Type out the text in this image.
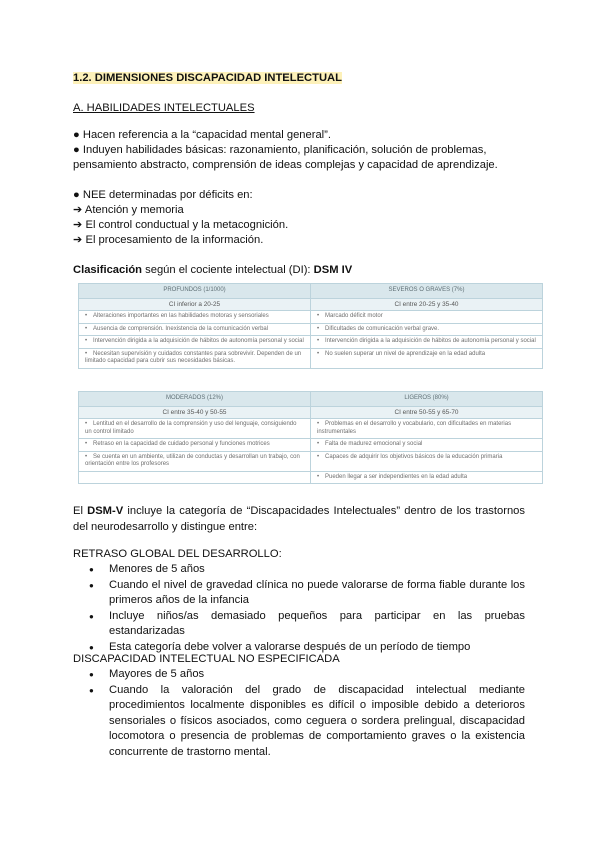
1.2. DIMENSIONES DISCAPACIDAD INTELECTUAL
A. HABILIDADES INTELECTUALES
● Hacen referencia a la “capacidad mental general”.
● Induyen habilidades básicas: razonamiento, planificación, solución de problemas, pensamiento abstracto, comprensión de ideas complejas y capacidad de aprendizaje.
● NEE determinadas por déficits en:
➔ Atención y memoria
➔ El control conductual y la metacognición.
➔ El procesamiento de la información.
Clasificación según el cociente intelectual (DI): DSM IV
PROFUNDOS (1/1000)	SEVEROS O GRAVES (7%)
CI inferior a 20-25	CI entre 20-25 y 35-40
• Alteraciones importantes en las habilidades motoras y sensoriales	• Marcado déficit motor
• Ausencia de comprensión. Inexistencia de la comunicación verbal	• Dificultades de comunicación verbal grave.
• Intervención dirigida a la adquisición de hábitos de autonomía personal y social	• Intervención dirigida a la adquisición de hábitos de autonomía personal y social
• Necesitan supervisión y cuidados constantes para sobrevivir. Dependen de un limitado capacidad para cubrir sus necesidades básicas.	• No suelen superar un nivel de aprendizaje en la edad adulta
MODERADOS (12%)	LIGEROS (80%)
CI entre 35-40 y 50-55	CI entre 50-55 y 65-70
• Lentitud en el desarrollo de la comprensión y uso del lenguaje, consiguiendo un control limitado	• Problemas en el desarrollo y vocabulario, con dificultades en materias instrumentales
• Retraso en la capacidad de cuidado personal y funciones motrices	• Falta de madurez emocional y social
• Se cuenta en un ambiente, utilizan de conductas y desarrollan un trabajo, con orientación entre los profesores	• Capaces de adquirir los objetivos básicos de la educación primaria
	• Pueden llegar a ser independientes en la edad adulta
El DSM-V incluye la categoría de “Discapacidades Intelectuales” dentro de los trastornos del neurodesarrollo y distingue entre:
RETRASO GLOBAL DEL DESARROLLO:
● Menores de 5 años
● Cuando el nivel de gravedad clínica no puede valorarse de forma fiable durante los primeros años de la infancia
● Incluye niños/as demasiado pequeños para participar en las pruebas estandarizadas
● Esta categoría debe volver a valorarse después de un período de tiempo
DISCAPACIDAD INTELECTUAL NO ESPECIFICADA
● Mayores de 5 años
● Cuando la valoración del grado de discapacidad intelectual mediante procedimientos localmente disponibles es difícil o imposible debido a deterioros sensoriales o físicos asociados, como ceguera o sordera prelingual, discapacidad locomotora o presencia de problemas de comportamiento graves o la existencia concurrente de trastorno mental.
